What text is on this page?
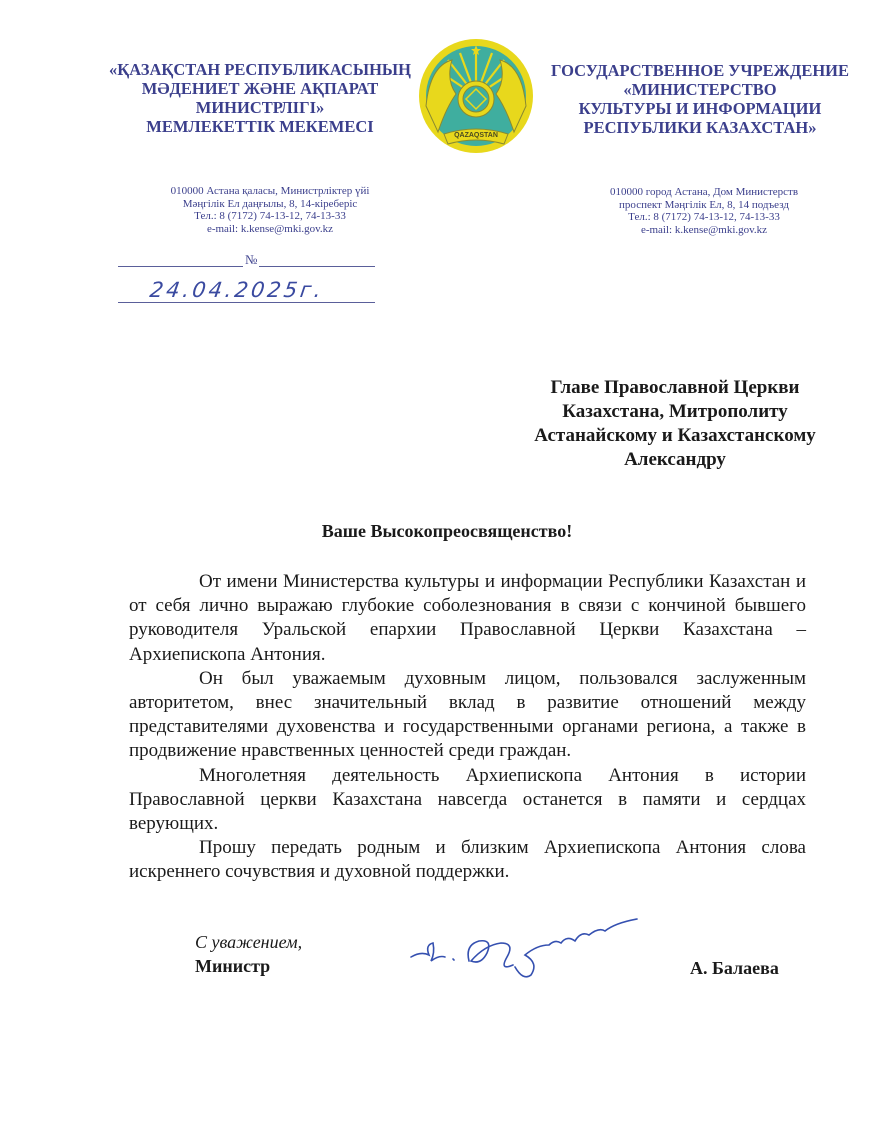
«ҚАЗАҚСТАН РЕСПУБЛИКАСЫНЫҢ
МӘДЕНИЕТ ЖӘНЕ АҚПАРАТ
МИНИСТРЛІГІ»
МЕМЛЕКЕТТІК МЕКЕМЕСІ	QAZAQSTAN
ГОСУДАРСТВЕННОЕ УЧРЕЖДЕНИЕ
«МИНИСТЕРСТВО
КУЛЬТУРЫ И ИНФОРМАЦИИ
РЕСПУБЛИКИ КАЗАХСТАН»
010000 Астана қаласы, Министрліктер үйі
Мәңгілік Ел даңғылы, 8, 14-кіреберіс
Тел.: 8 (7172) 74-13-12, 74-13-33
e-mail: k.kense@mki.gov.kz
010000 город Астана, Дом Министерств
проспект Мәңгілік Ел, 8, 14 подъезд
Тел.: 8 (7172) 74-13-12, 74-13-33
e-mail: k.kense@mki.gov.kz
№
24.04.2025г.
Главе Православной Церкви
Казахстана, Митрополиту
Астанайскому и Казахстанскому
Александру
Ваше Высокопреосвященство!

От имени Министерства культуры и информации Республики Казахстан и от себя лично выражаю глубокие соболезнования в связи с кончиной бывшего руководителя Уральской епархии Православной Церкви Казахстана – Архиепископа Антония.

Он был уважаемым духовным лицом, пользовался заслуженным авторитетом, внес значительный вклад в развитие отношений между представителями духовенства и государственными органами региона, а также в продвижение нравственных ценностей среди граждан.

Многолетняя деятельность Архиепископа Антония в истории Православной церкви Казахстана навсегда останется в памяти и сердцах верующих.

Прошу передать родным и близким Архиепископа Антония слова искреннего сочувствия и духовной поддержки.

С уважением,
Министр	А. Балаева
